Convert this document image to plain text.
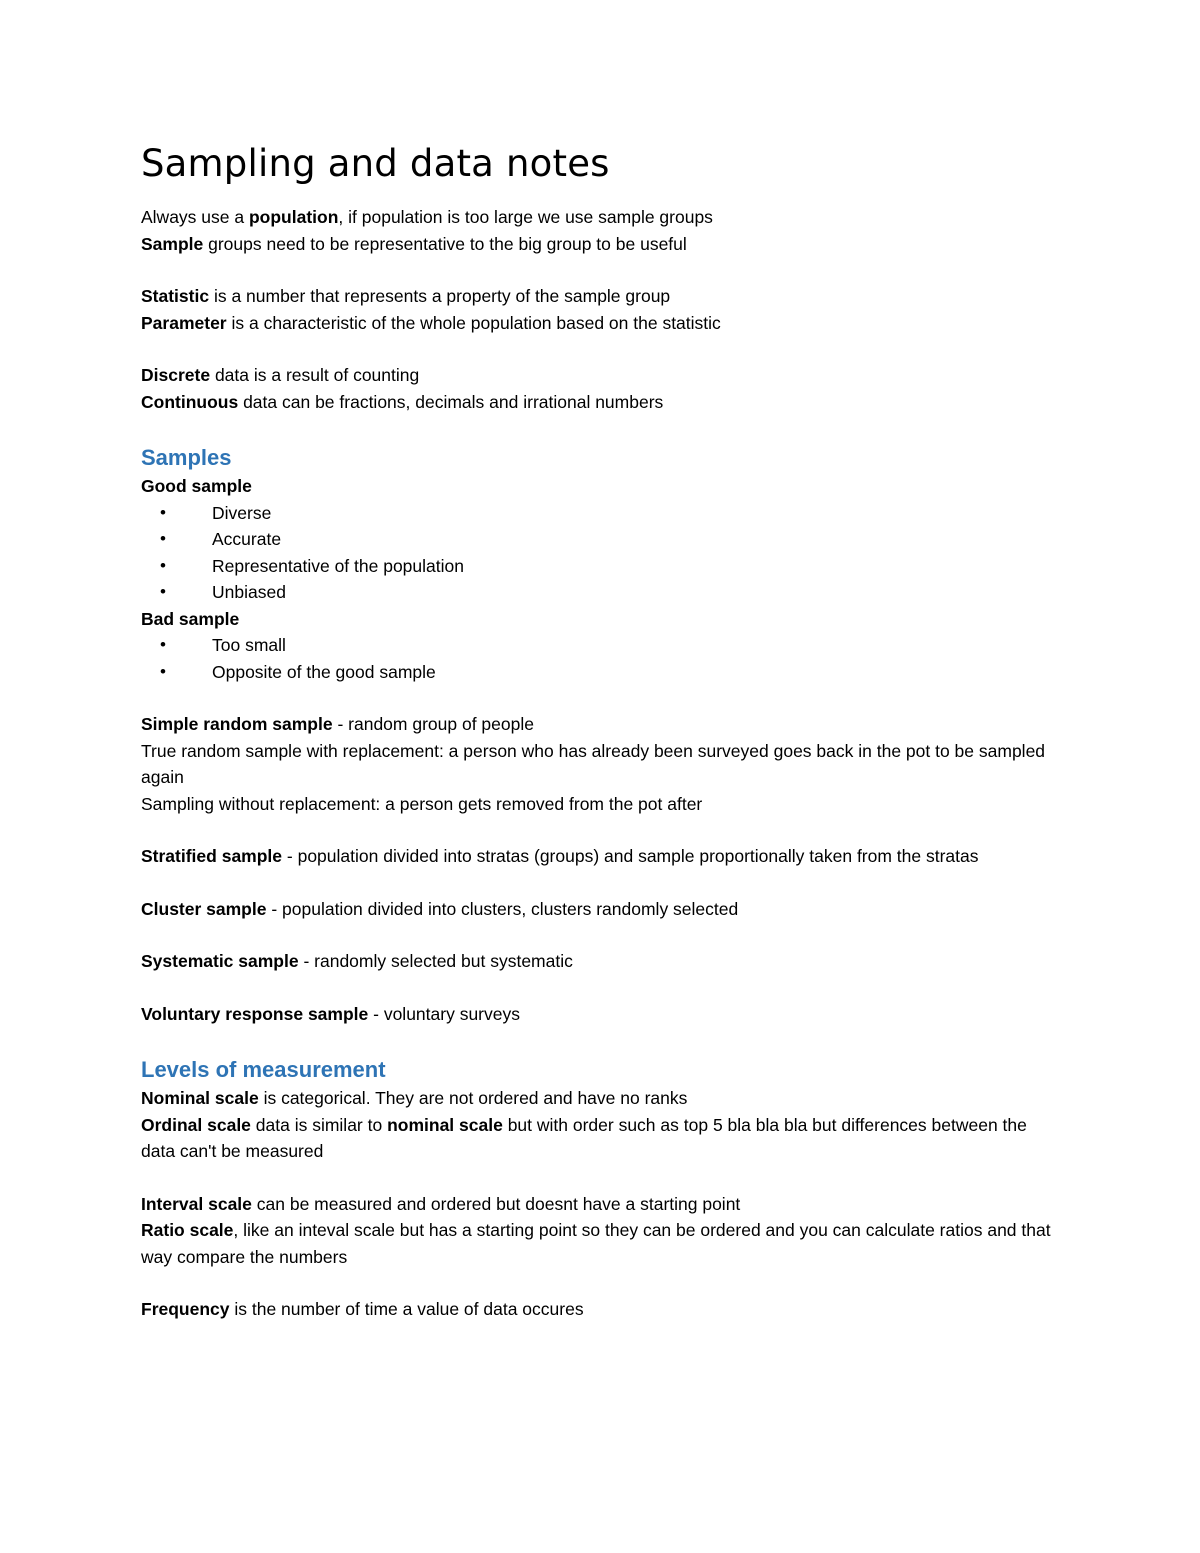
Sampling and data notes

Always use a population, if population is too large we use sample groups

Sample groups need to be representative to the big group to be useful

Statistic is a number that represents a property of the sample group

Parameter is a characteristic of the whole population based on the statistic

Discrete data is a result of counting

Continuous data can be fractions, decimals and irrational numbers

Samples

Good sample

•	Diverse
•	Accurate
•	Representative of the population
•	Unbiased

Bad sample

•	Too small
•	Opposite of the good sample

Simple random sample - random group of people

True random sample with replacement: a person who has already been surveyed goes back in the pot to be sampled again

Sampling without replacement: a person gets removed from the pot after

Stratified sample - population divided into stratas (groups) and sample proportionally taken from the stratas

Cluster sample - population divided into clusters, clusters randomly selected

Systematic sample - randomly selected but systematic

Voluntary response sample - voluntary surveys

Levels of measurement

Nominal scale is categorical. They are not ordered and have no ranks

Ordinal scale data is similar to nominal scale but with order such as top 5 bla bla bla but differences between the data can't be measured

Interval scale can be measured and ordered but doesnt have a starting point

Ratio scale, like an inteval scale but has a starting point so they can be ordered and you can calculate ratios and that way compare the numbers

Frequency is the number of time a value of data occures
